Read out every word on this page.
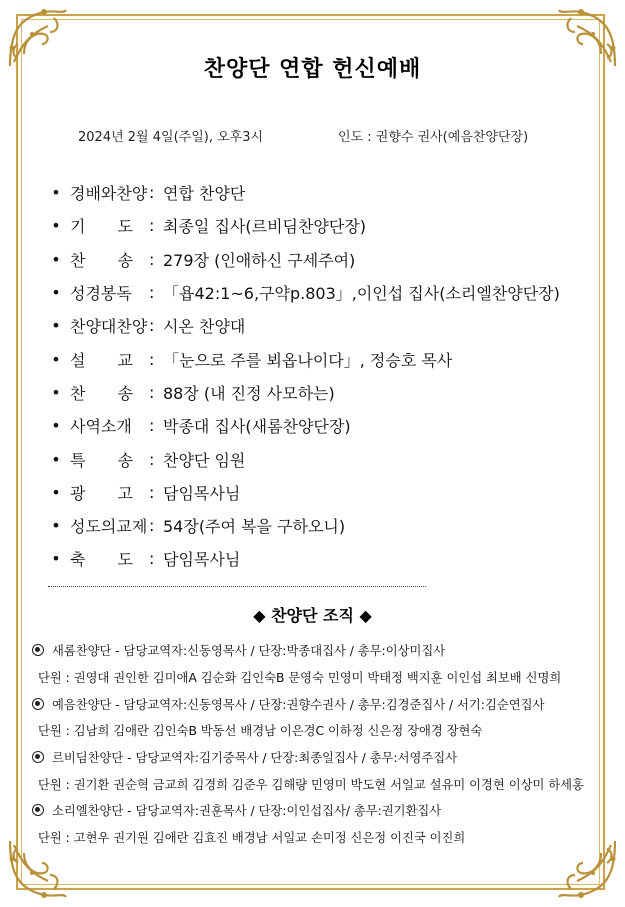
찬양단 연합 헌신예배
2024년 2월 4일(주일), 오후3시	인도 : 권향수 권사(예음찬양단장)
• 경배와찬양 : 연합 찬양단
• 기　　도	: 최종일 집사(르비딤찬양단장)
• 찬　　송	: 279장 (인애하신 구세주여)
• 성경봉독	: 「욥42:1~6,구약p.803」,이인섭 집사(소리엘찬양단장)
• 찬양대찬양 : 시온 찬양대
• 설　　교	: 「눈으로 주를 뵈옵나이다」, 정승호 목사
• 찬　　송	: 88장 (내 진정 사모하는)
• 사역소개	: 박종대 집사(새롬찬양단장)
• 특　　송	: 찬양단 임원
• 광　　고	: 담임목사님
• 성도의교제 : 54장(주여 복을 구하오니)
• 축　　도	: 담임목사님
◆ 찬양단 조직 ◆
새롬찬양단 - 담당교역자:신동영목사 / 단장:박종대집사 / 총무:이상미집사
단원 : 권영대 권인한 김미애A 김순화 김인숙B 문영숙 민영미 박태정 백지훈 이인섭 최보배 신명희
예음찬양단 - 담당교역자:신동영목사 / 단장:권향수권사 / 총무:김경준집사 / 서기:김순연집사
단원 : 김남희 김애란 김인숙B 박동선 배경남 이은경C 이하정 신은정 장애경 장현숙
르비딤찬양단 - 담당교역자:김기중목사 / 단장:최종일집사 / 총무:서영주집사
단원 : 권기환 권순혁 금교희 김경희 김준우 김해량 민영미 박도현 서일교 설유미 이경현 이상미 하세홍
소리엘찬양단 - 담당교역자:권훈목사 / 단장:이인섭집사/ 총무:권기환집사
단원 : 고현우 권기원 김애란 김효진 배경남 서일교 손미정 신은정 이진국 이진희
